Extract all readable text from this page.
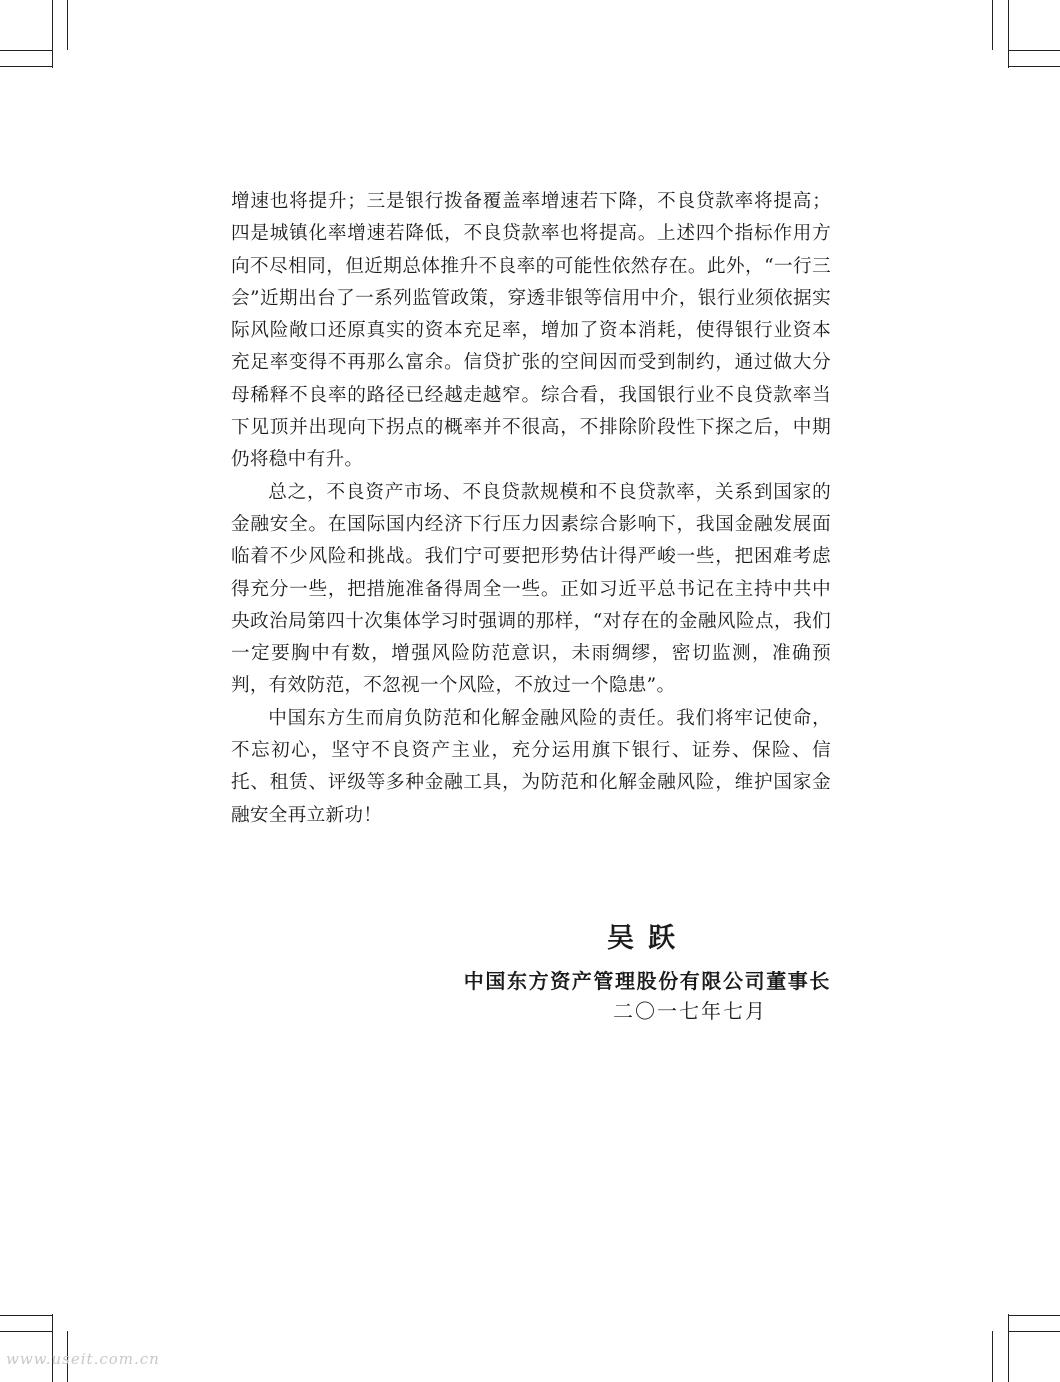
增速也将提升；三是银行拨备覆盖率增速若下降，不良贷款率将提高；四是城镇化率增速若降低，不良贷款率也将提高。上述四个指标作用方向不尽相同，但近期总体推升不良率的可能性依然存在。此外，“一行三会”近期出台了一系列监管政策，穿透非银等信用中介，银行业须依据实际风险敞口还原真实的资本充足率，增加了资本消耗，使得银行业资本充足率变得不再那么富余。信贷扩张的空间因而受到制约，通过做大分母稀释不良率的路径已经越走越窄。综合看，我国银行业不良贷款率当下见顶并出现向下拐点的概率并不很高，不排除阶段性下探之后，中期仍将稳中有升。

总之，不良资产市场、不良贷款规模和不良贷款率，关系到国家的金融安全。在国际国内经济下行压力因素综合影响下，我国金融发展面临着不少风险和挑战。我们宁可要把形势估计得严峻一些，把困难考虑得充分一些，把措施准备得周全一些。正如习近平总书记在主持中共中央政治局第四十次集体学习时强调的那样，“对存在的金融风险点，我们一定要胸中有数，增强风险防范意识，未雨绸缪，密切监测，准确预判，有效防范，不忽视一个风险，不放过一个隐患”。

中国东方生而肩负防范和化解金融风险的责任。我们将牢记使命，不忘初心，坚守不良资产主业，充分运用旗下银行、证券、保险、信托、租赁、评级等多种金融工具，为防范和化解金融风险，维护国家金融安全再立新功！

吴跃
中国东方资产管理股份有限公司董事长
二〇一七年七月
www.useit.com.cn
